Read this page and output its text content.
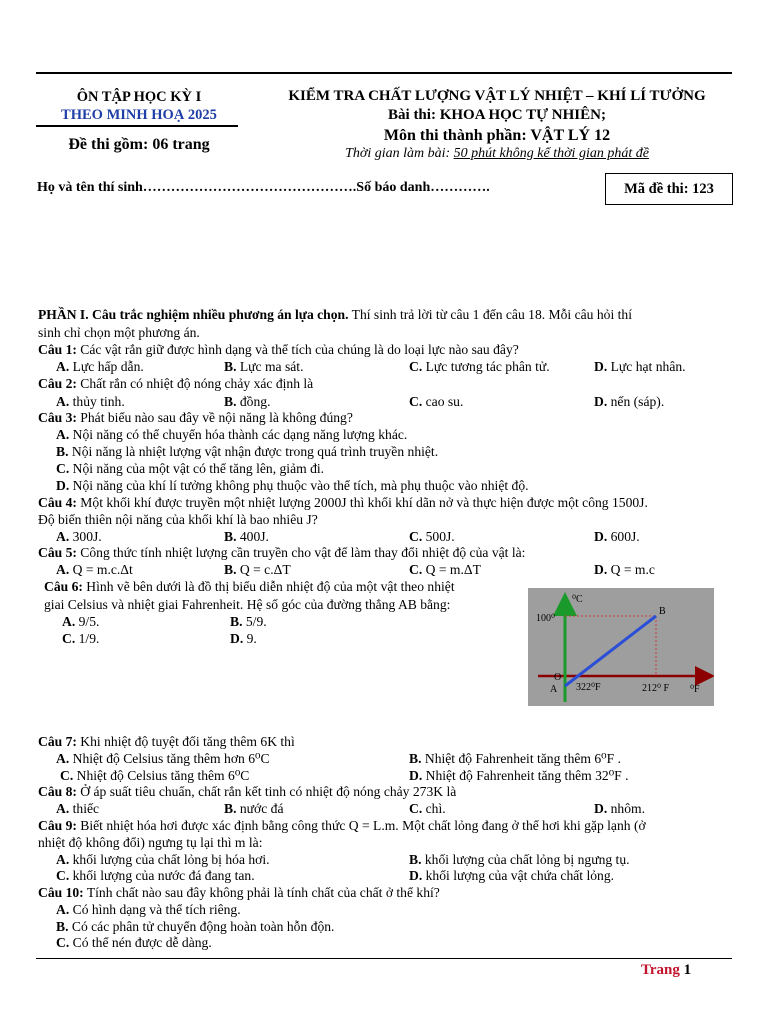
ÔN TẬP HỌC KỲ I
THEO MINH HOẠ 2025
Đề thi gồm: 06 trang
KIỂM TRA CHẤT LƯỢNG VẬT LÝ NHIỆT – KHÍ LÍ TƯỞNG
Bài thi: KHOA HỌC TỰ NHIÊN;
Môn thi thành phần: VẬT LÝ 12
Thời gian làm bài: 50 phút không kể thời gian phát đề
Họ và tên thí sinh……………………………………….Số báo danh………….	Mã đề thi: 123
PHẦN I. Câu trắc nghiệm nhiều phương án lựa chọn. Thí sinh trả lời từ câu 1 đến câu 18. Mỗi câu hỏi thí
sinh chỉ chọn một phương án.
Câu 1: Các vật rắn giữ được hình dạng và thể tích của chúng là do loại lực nào sau đây?
A. Lực hấp dẫn.	B. Lực ma sát.	C. Lực tương tác phân tử.	D. Lực hạt nhân.
Câu 2: Chất rắn có nhiệt độ nóng chảy xác định là
A. thủy tinh.	B. đồng.	C. cao su.	D. nến (sáp).
Câu 3: Phát biểu nào sau đây về nội năng là không đúng?
A. Nội năng có thể chuyển hóa thành các dạng năng lượng khác.
B. Nội năng là nhiệt lượng vật nhận được trong quá trình truyền nhiệt.
C. Nội năng của một vật có thể tăng lên, giảm đi.
D. Nội năng của khí lí tưởng không phụ thuộc vào thể tích, mà phụ thuộc vào nhiệt độ.
Câu 4: Một khối khí được truyền một nhiệt lượng 2000J thì khối khí dãn nở và thực hiện được một công 1500J.
Độ biến thiên nội năng của khối khí là bao nhiêu J?
A. 300J.	B. 400J.	C. 500J.	D. 600J.
Câu 5: Công thức tính nhiệt lượng cần truyền cho vật để làm thay đổi nhiệt độ của vật là:
A. Q = m.c.Δt	B. Q = c.ΔT	C. Q = m.ΔT	D. Q = m.c
Câu 6: Hình vẽ bên dưới là đồ thị biểu diễn nhiệt độ của một vật theo nhiệt
giai Celsius và nhiệt giai Fahrenheit. Hệ số góc của đường thẳng AB bằng:
A. 9/5.	B. 5/9.
C. 1/9.	D. 9.
⁰C
100⁰
B
O
A 322⁰F	212⁰ F ⁰F
Câu 7: Khi nhiệt độ tuyệt đối tăng thêm 6K thì
A. Nhiệt độ Celsius tăng thêm hơn 6⁰C	B. Nhiệt độ Fahrenheit tăng thêm 6⁰F .
C. Nhiệt độ Celsius tăng thêm 6⁰C	D. Nhiệt độ Fahrenheit tăng thêm 32⁰F .
Câu 8: Ở áp suất tiêu chuẩn, chất rắn kết tinh có nhiệt độ nóng chảy 273K là
A. thiếc	B. nước đá	C. chì.	D. nhôm.
Câu 9: Biết nhiệt hóa hơi được xác định bằng công thức Q = L.m. Một chất lỏng đang ở thể hơi khi gặp lạnh (ở
nhiệt độ không đổi) ngưng tụ lại thì m là:
A. khối lượng của chất lỏng bị hóa hơi.	B. khối lượng của chất lỏng bị ngưng tụ.
C. khối lượng của nước đá đang tan.	D. khối lượng của vật chứa chất lỏng.
Câu 10: Tính chất nào sau đây không phải là tính chất của chất ở thể khí?
A. Có hình dạng và thể tích riêng.
B. Có các phân tử chuyển động hoàn toàn hỗn độn.
C. Có thể nén được dễ dàng.
Trang 1
